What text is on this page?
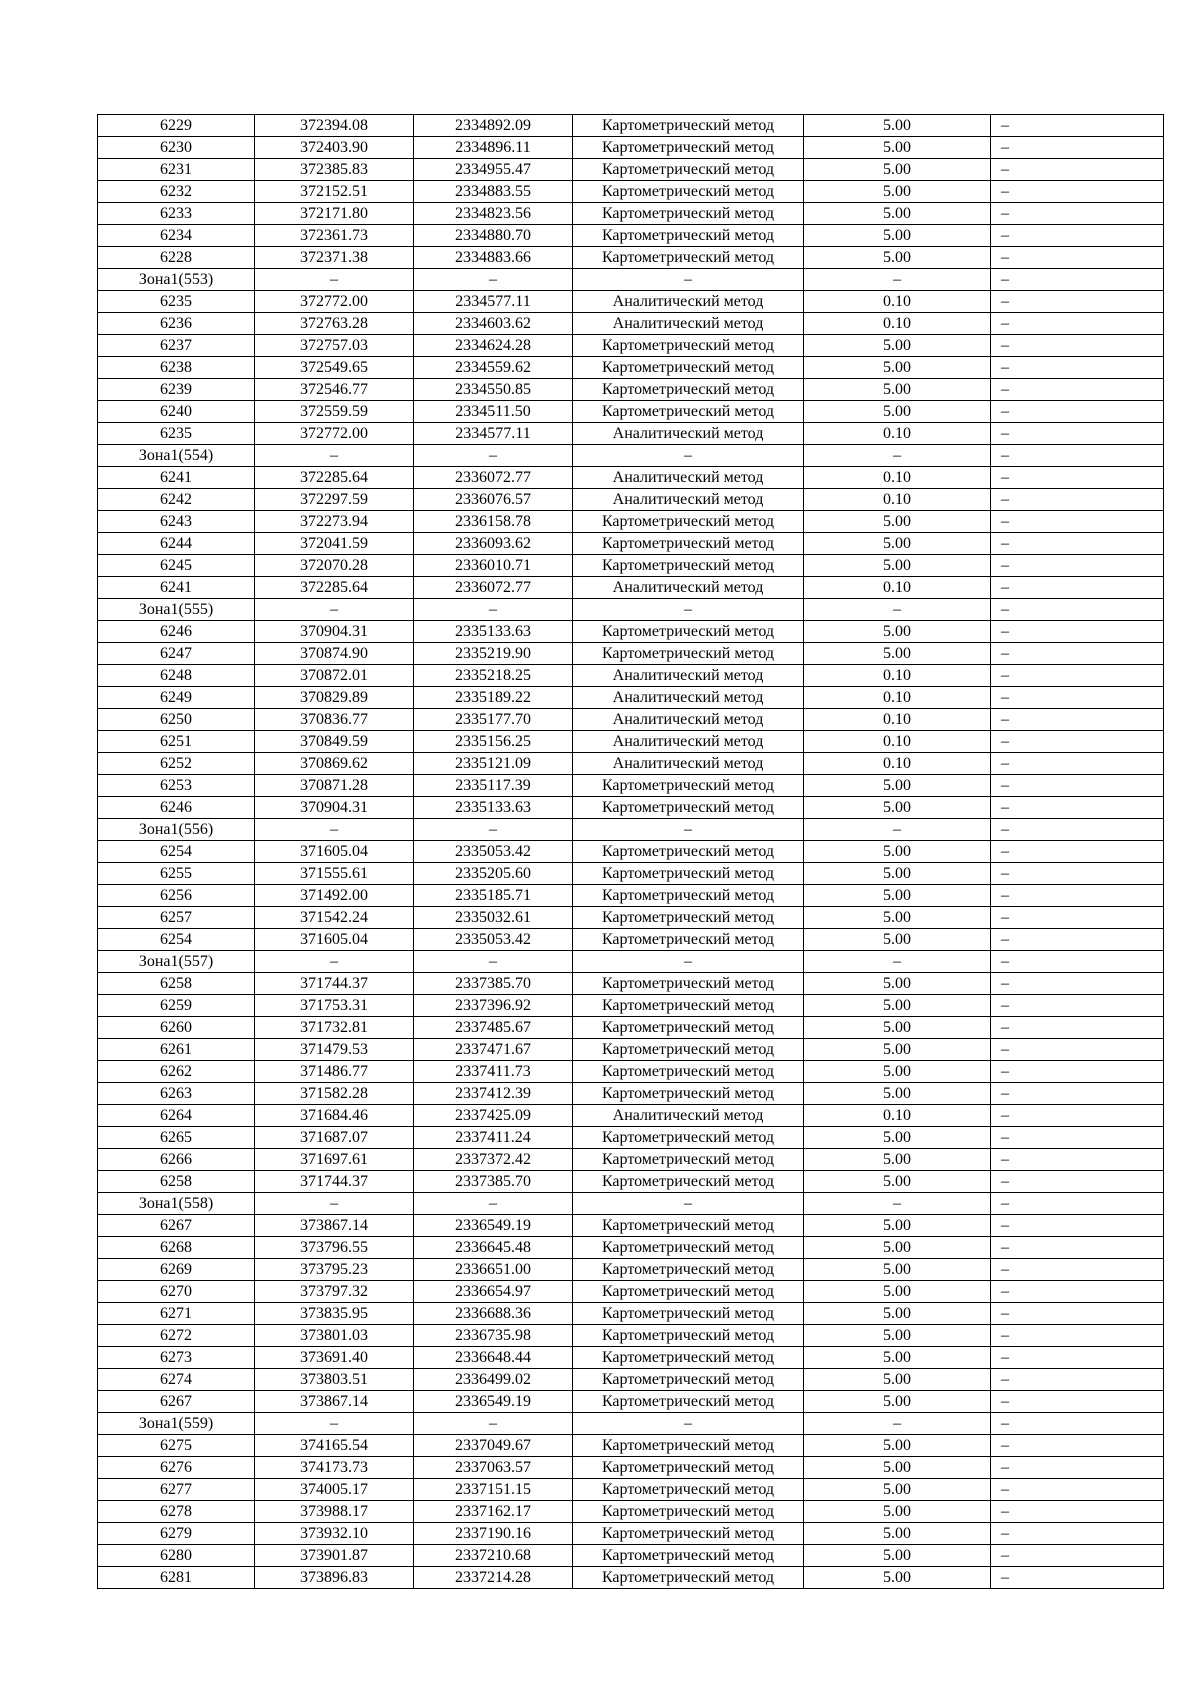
6229	372394.08	2334892.09	Картометрический метод	5.00	–
6230	372403.90	2334896.11	Картометрический метод	5.00	–
6231	372385.83	2334955.47	Картометрический метод	5.00	–
6232	372152.51	2334883.55	Картометрический метод	5.00	–
6233	372171.80	2334823.56	Картометрический метод	5.00	–
6234	372361.73	2334880.70	Картометрический метод	5.00	–
6228	372371.38	2334883.66	Картометрический метод	5.00	–
Зона1(553)	–	–	–	–	–
6235	372772.00	2334577.11	Аналитический метод	0.10	–
6236	372763.28	2334603.62	Аналитический метод	0.10	–
6237	372757.03	2334624.28	Картометрический метод	5.00	–
6238	372549.65	2334559.62	Картометрический метод	5.00	–
6239	372546.77	2334550.85	Картометрический метод	5.00	–
6240	372559.59	2334511.50	Картометрический метод	5.00	–
6235	372772.00	2334577.11	Аналитический метод	0.10	–
Зона1(554)	–	–	–	–	–
6241	372285.64	2336072.77	Аналитический метод	0.10	–
6242	372297.59	2336076.57	Аналитический метод	0.10	–
6243	372273.94	2336158.78	Картометрический метод	5.00	–
6244	372041.59	2336093.62	Картометрический метод	5.00	–
6245	372070.28	2336010.71	Картометрический метод	5.00	–
6241	372285.64	2336072.77	Аналитический метод	0.10	–
Зона1(555)	–	–	–	–	–
6246	370904.31	2335133.63	Картометрический метод	5.00	–
6247	370874.90	2335219.90	Картометрический метод	5.00	–
6248	370872.01	2335218.25	Аналитический метод	0.10	–
6249	370829.89	2335189.22	Аналитический метод	0.10	–
6250	370836.77	2335177.70	Аналитический метод	0.10	–
6251	370849.59	2335156.25	Аналитический метод	0.10	–
6252	370869.62	2335121.09	Аналитический метод	0.10	–
6253	370871.28	2335117.39	Картометрический метод	5.00	–
6246	370904.31	2335133.63	Картометрический метод	5.00	–
Зона1(556)	–	–	–	–	–
6254	371605.04	2335053.42	Картометрический метод	5.00	–
6255	371555.61	2335205.60	Картометрический метод	5.00	–
6256	371492.00	2335185.71	Картометрический метод	5.00	–
6257	371542.24	2335032.61	Картометрический метод	5.00	–
6254	371605.04	2335053.42	Картометрический метод	5.00	–
Зона1(557)	–	–	–	–	–
6258	371744.37	2337385.70	Картометрический метод	5.00	–
6259	371753.31	2337396.92	Картометрический метод	5.00	–
6260	371732.81	2337485.67	Картометрический метод	5.00	–
6261	371479.53	2337471.67	Картометрический метод	5.00	–
6262	371486.77	2337411.73	Картометрический метод	5.00	–
6263	371582.28	2337412.39	Картометрический метод	5.00	–
6264	371684.46	2337425.09	Аналитический метод	0.10	–
6265	371687.07	2337411.24	Картометрический метод	5.00	–
6266	371697.61	2337372.42	Картометрический метод	5.00	–
6258	371744.37	2337385.70	Картометрический метод	5.00	–
Зона1(558)	–	–	–	–	–
6267	373867.14	2336549.19	Картометрический метод	5.00	–
6268	373796.55	2336645.48	Картометрический метод	5.00	–
6269	373795.23	2336651.00	Картометрический метод	5.00	–
6270	373797.32	2336654.97	Картометрический метод	5.00	–
6271	373835.95	2336688.36	Картометрический метод	5.00	–
6272	373801.03	2336735.98	Картометрический метод	5.00	–
6273	373691.40	2336648.44	Картометрический метод	5.00	–
6274	373803.51	2336499.02	Картометрический метод	5.00	–
6267	373867.14	2336549.19	Картометрический метод	5.00	–
Зона1(559)	–	–	–	–	–
6275	374165.54	2337049.67	Картометрический метод	5.00	–
6276	374173.73	2337063.57	Картометрический метод	5.00	–
6277	374005.17	2337151.15	Картометрический метод	5.00	–
6278	373988.17	2337162.17	Картометрический метод	5.00	–
6279	373932.10	2337190.16	Картометрический метод	5.00	–
6280	373901.87	2337210.68	Картометрический метод	5.00	–
6281	373896.83	2337214.28	Картометрический метод	5.00	–
